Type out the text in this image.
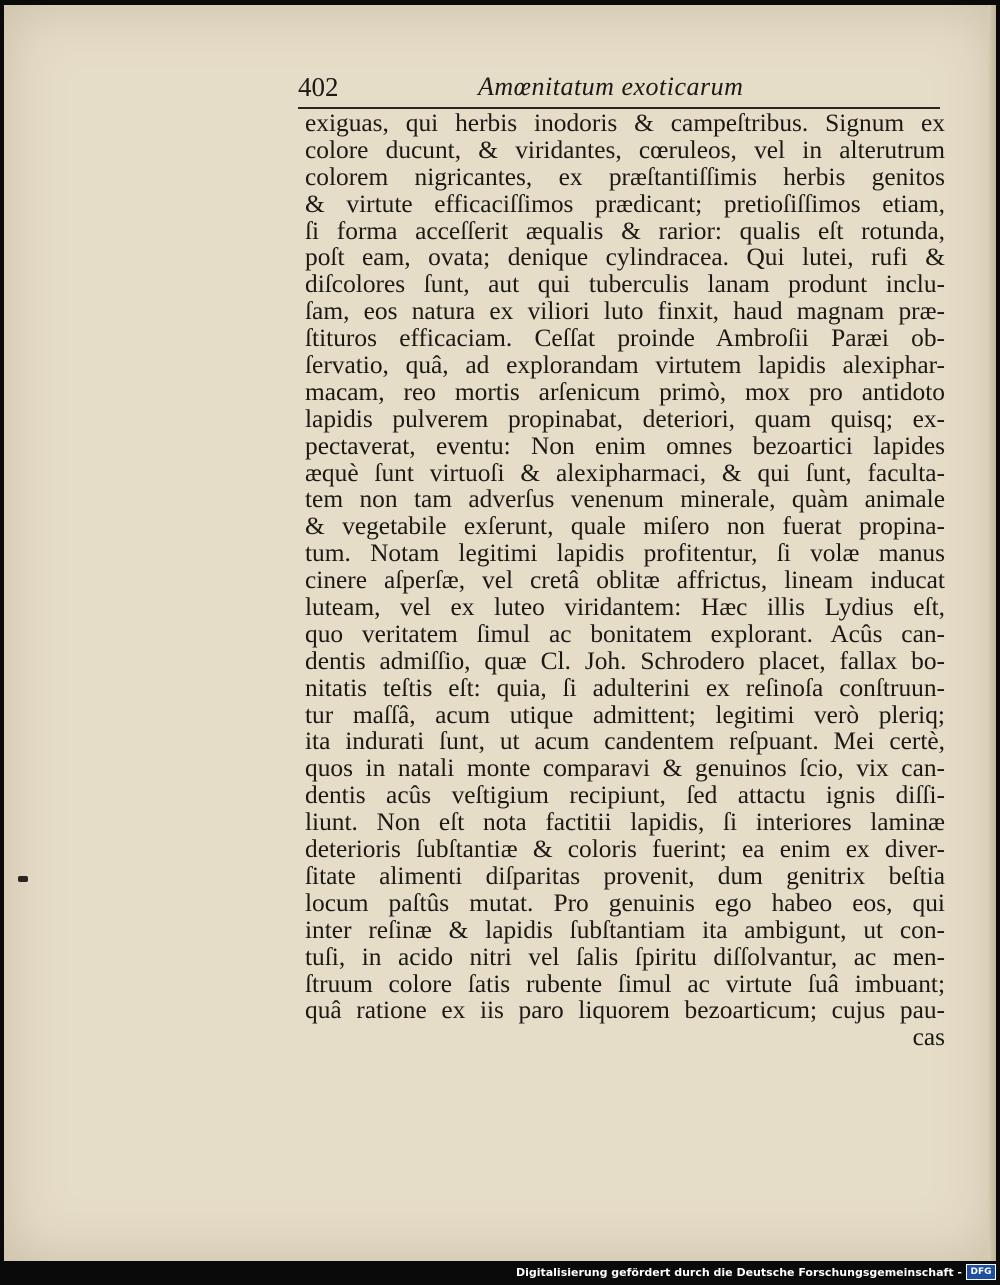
402	Amœnitatum exoticarum
exiguas, qui herbis inodoris & campeſtribus. Signum ex
colore ducunt, & viridantes, cœruleos, vel in alterutrum
colorem nigricantes, ex præſtantiſſimis herbis genitos
& virtute efficaciſſimos prædicant; pretioſiſſimos etiam,
ſi forma acceſſerit æqualis & rarior: qualis eſt rotunda,
poſt eam, ovata; denique cylindracea. Qui lutei, rufi &
diſcolores ſunt, aut qui tuberculis lanam produnt inclu-
ſam, eos natura ex viliori luto finxit, haud magnam præ-
ſtituros efficaciam. Ceſſat proinde Ambroſii Paræi ob-
ſervatio, quâ, ad explorandam virtutem lapidis alexiphar-
macam, reo mortis arſenicum primò, mox pro antidoto
lapidis pulverem propinabat, deteriori, quam quisq; ex-
pectaverat, eventu: Non enim omnes bezoartici lapides
æquè ſunt virtuoſi & alexipharmaci, & qui ſunt, faculta-
tem non tam adverſus venenum minerale, quàm animale
& vegetabile exſerunt, quale miſero non fuerat propina-
tum. Notam legitimi lapidis profitentur, ſi volæ manus
cinere aſperſæ, vel cretâ oblitæ affrictus, lineam inducat
luteam, vel ex luteo viridantem: Hæc illis Lydius eſt,
quo veritatem ſimul ac bonitatem explorant. Acûs can-
dentis admiſſio, quæ Cl. Joh. Schrodero placet, fallax bo-
nitatis teſtis eſt: quia, ſi adulterini ex reſinoſa conſtruun-
tur maſſâ, acum utique admittent; legitimi verò pleriq;
ita indurati ſunt, ut acum candentem reſpuant. Mei certè,
quos in natali monte comparavi & genuinos ſcio, vix can-
dentis acûs veſtigium recipiunt, ſed attactu ignis diſſi-
liunt. Non eſt nota factitii lapidis, ſi interiores laminæ
deterioris ſubſtantiæ & coloris fuerint; ea enim ex diver-
ſitate alimenti diſparitas provenit, dum genitrix beſtia
locum paſtûs mutat. Pro genuinis ego habeo eos, qui
inter reſinæ & lapidis ſubſtantiam ita ambigunt, ut con-
tuſi, in acido nitri vel ſalis ſpiritu diſſolvantur, ac men-
ſtruum colore ſatis rubente ſimul ac virtute ſuâ imbuant;
quâ ratione ex iis paro liquorem bezoarticum; cujus pau-
cas
Digitalisierung gefördert durch die Deutsche Forschungsgemeinschaft - DFG
